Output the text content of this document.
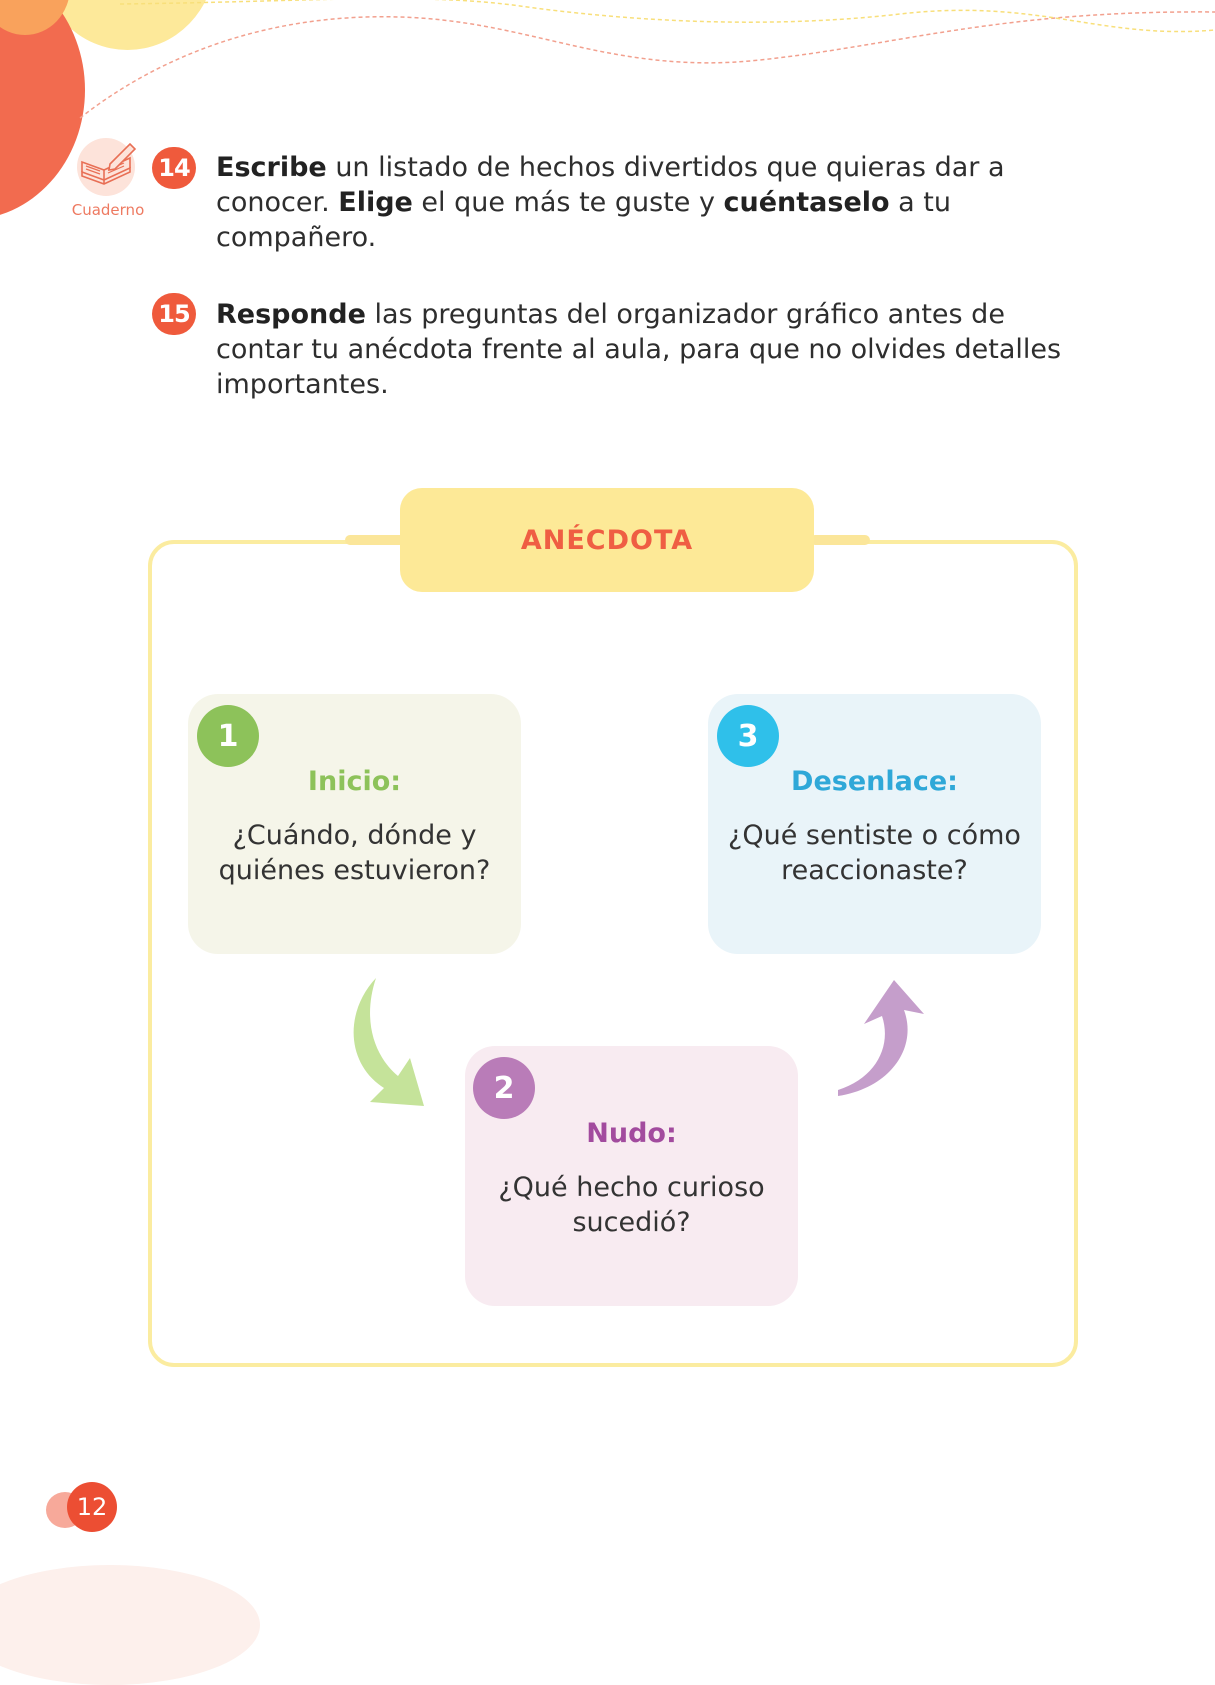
Cuaderno
14 Escribe un listado de hechos divertidos que quieras dar a conocer. Elige el que más te guste y cuéntaselo a tu compañero.
15 Responde las preguntas del organizador gráfico antes de contar tu anécdota frente al aula, para que no olvides detalles importantes.
ANÉCDOTA
1
Inicio:
¿Cuándo, dónde y quiénes estuvieron?
3
Desenlace:
¿Qué sentiste o cómo reaccionaste?
2
Nudo:
¿Qué hecho curioso sucedió?
12
